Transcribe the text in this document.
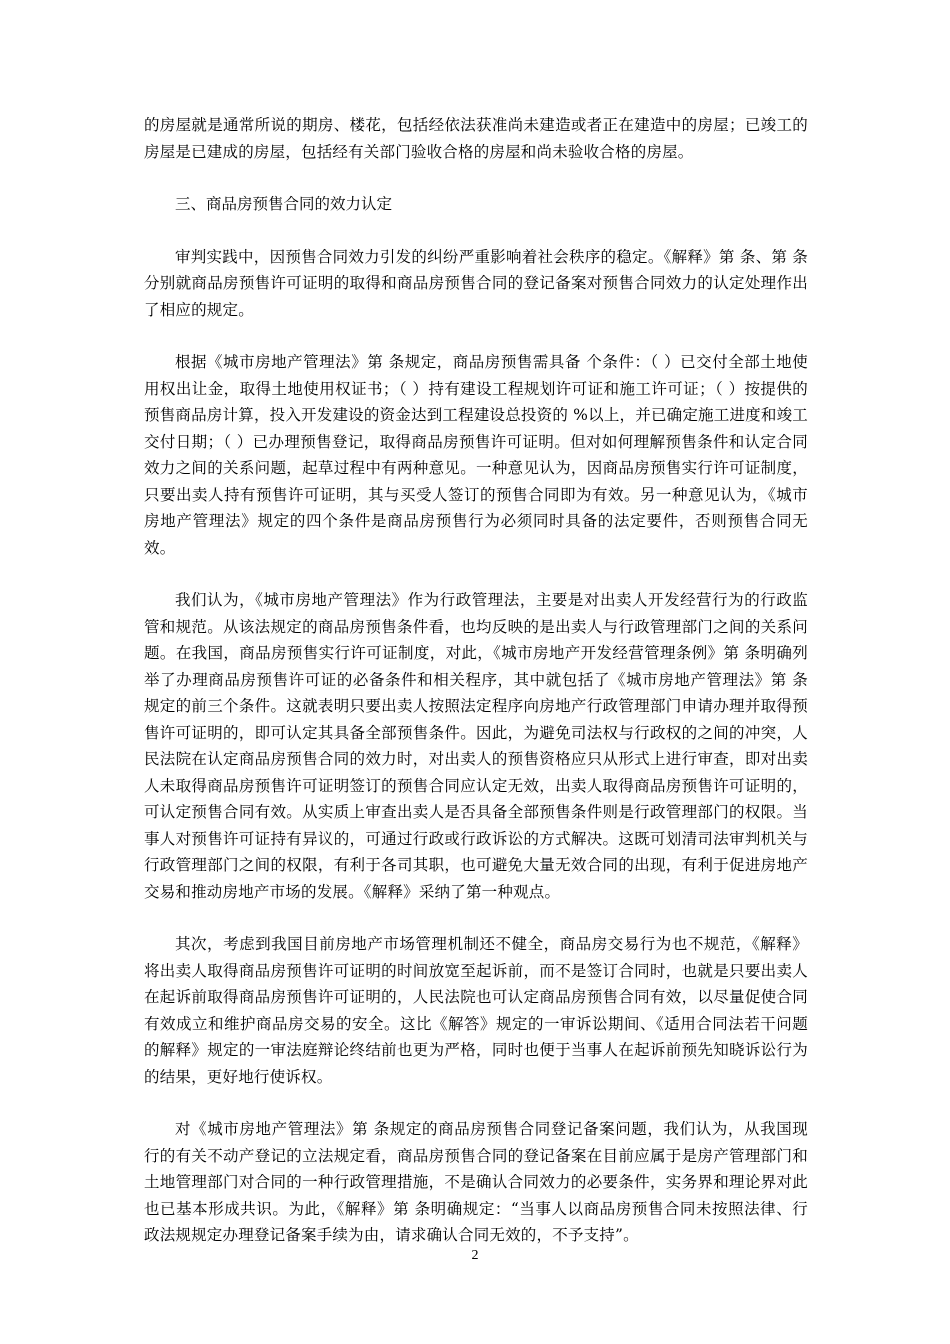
的房屋就是通常所说的期房、楼花，包括经依法获准尚未建造或者正在建造中的房屋；已竣工的房屋是已建成的房屋，包括经有关部门验收合格的房屋和尚未验收合格的房屋。

三、商品房预售合同的效力认定

审判实践中，因预售合同效力引发的纠纷严重影响着社会秩序的稳定。《解释》第 条、第 条分别就商品房预售许可证明的取得和商品房预售合同的登记备案对预售合同效力的认定处理作出了相应的规定。

根据《城市房地产管理法》第 条规定，商品房预售需具备 个条件：（ ）已交付全部土地使用权出让金，取得土地使用权证书；（ ）持有建设工程规划许可证和施工许可证；（ ）按提供的预售商品房计算，投入开发建设的资金达到工程建设总投资的 %以上，并已确定施工进度和竣工交付日期；（ ）已办理预售登记，取得商品房预售许可证明。但对如何理解预售条件和认定合同效力之间的关系问题，起草过程中有两种意见。一种意见认为，因商品房预售实行许可证制度，只要出卖人持有预售许可证明，其与买受人签订的预售合同即为有效。另一种意见认为，《城市房地产管理法》规定的四个条件是商品房预售行为必须同时具备的法定要件，否则预售合同无效。

我们认为，《城市房地产管理法》作为行政管理法，主要是对出卖人开发经营行为的行政监管和规范。从该法规定的商品房预售条件看，也均反映的是出卖人与行政管理部门之间的关系问题。在我国，商品房预售实行许可证制度，对此，《城市房地产开发经营管理条例》第 条明确列举了办理商品房预售许可证的必备条件和相关程序，其中就包括了《城市房地产管理法》第 条规定的前三个条件。这就表明只要出卖人按照法定程序向房地产行政管理部门申请办理并取得预售许可证明的，即可认定其具备全部预售条件。因此，为避免司法权与行政权的之间的冲突，人民法院在认定商品房预售合同的效力时，对出卖人的预售资格应只从形式上进行审查，即对出卖人未取得商品房预售许可证明签订的预售合同应认定无效，出卖人取得商品房预售许可证明的，可认定预售合同有效。从实质上审查出卖人是否具备全部预售条件则是行政管理部门的权限。当事人对预售许可证持有异议的，可通过行政或行政诉讼的方式解决。这既可划清司法审判机关与行政管理部门之间的权限，有利于各司其职，也可避免大量无效合同的出现，有利于促进房地产交易和推动房地产市场的发展。《解释》采纳了第一种观点。

其次，考虑到我国目前房地产市场管理机制还不健全，商品房交易行为也不规范，《解释》将出卖人取得商品房预售许可证明的时间放宽至起诉前，而不是签订合同时，也就是只要出卖人在起诉前取得商品房预售许可证明的，人民法院也可认定商品房预售合同有效，以尽量促使合同有效成立和维护商品房交易的安全。这比《解答》规定的一审诉讼期间、《适用合同法若干问题的解释》规定的一审法庭辩论终结前也更为严格，同时也便于当事人在起诉前预先知晓诉讼行为的结果，更好地行使诉权。

对《城市房地产管理法》第 条规定的商品房预售合同登记备案问题，我们认为，从我国现行的有关不动产登记的立法规定看，商品房预售合同的登记备案在目前应属于是房产管理部门和土地管理部门对合同的一种行政管理措施，不是确认合同效力的必要条件，实务界和理论界对此也已基本形成共识。为此，《解释》第 条明确规定：“当事人以商品房预售合同未按照法律、行政法规规定办理登记备案手续为由，请求确认合同无效的，不予支持”。

2
